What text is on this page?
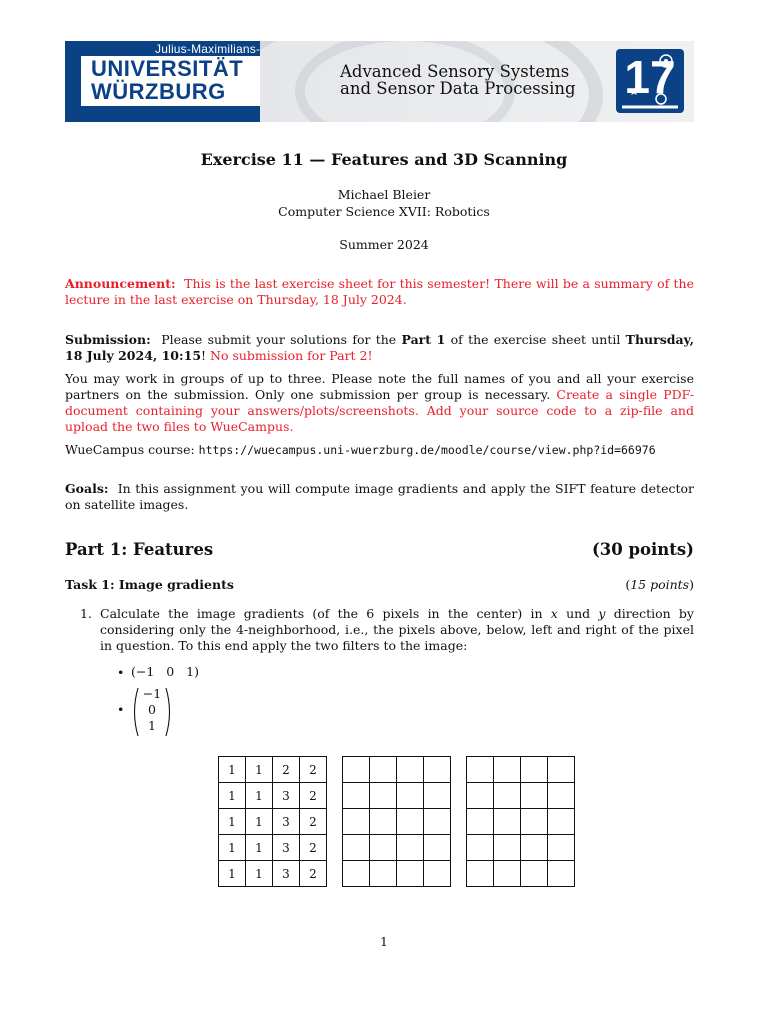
Julius-Maximilians-
UNIVERSITÄT
WÜRZBURG
Advanced Sensory Systems
and Sensor Data Processing 17
Exercise 11 — Features and 3D Scanning
Michael Bleier
Computer Science XVII: Robotics
Summer 2024
Announcement: This is the last exercise sheet for this semester! There will be a summary of the lecture in the last exercise on Thursday, 18 July 2024.
Submission: Please submit your solutions for the Part 1 of the exercise sheet until Thursday, 18 July 2024, 10:15! No submission for Part 2!
You may work in groups of up to three. Please note the full names of you and all your exercise partners on the submission. Only one submission per group is necessary. Create a single PDF-document containing your answers/plots/screenshots. Add your source code to a zip-file and upload the two files to WueCampus.
WueCampus course: https://wuecampus.uni-wuerzburg.de/moodle/course/view.php?id=66976
Goals: In this assignment you will compute image gradients and apply the SIFT feature detector on satellite images.
Part 1: Features	(30 points)
Task 1: Image gradients	(15 points)
1. Calculate the image gradients (of the 6 pixels in the center) in x und y direction by considering only the 4-neighborhood, i.e., the pixels above, below, left and right of the pixel in question. To this end apply the two filters to the image:
• (−1 0 1)
•
−1
0
1
1	1	2	2
1	1	3	2
1	1	3	2
1	1	3	2
1	1	3	2

1
